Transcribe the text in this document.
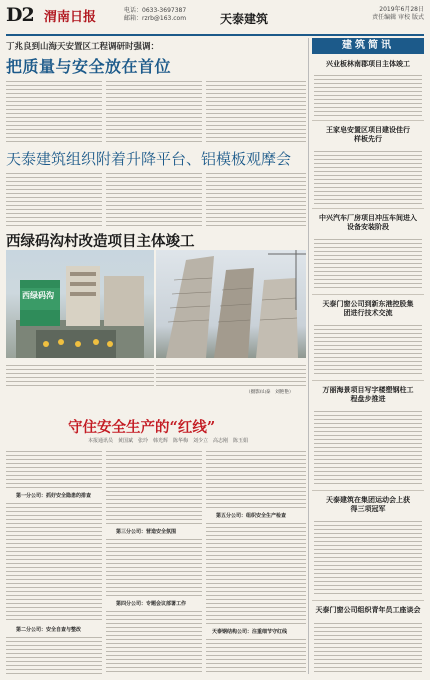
D2 渭南日报	电话：0633-3697387
邮箱：rzrb@163.com	天泰建筑
2019年6月28日
责任编辑 审校 版式
丁兆良到山海天安置区工程调研时强调：
把质量与安全放在首位
天泰建筑组织附着升降平台、铝模板观摩会
西绿码沟村改造项目主体竣工
西绿码沟
（摄影/山泰　刘艳艳）
守住安全生产的“红线”
本报通讯员　黄国斌　张玲　韩光辉　陈华梅　刘少立　高志刚　陈玉娟
第一分公司：抓好安全隐患的排查
第二分公司：安全自查与整改
第三分公司：营造安全氛围
第四分公司：专题会议部署工作
第五分公司：组织安全生产检查
天泰钢结构公司：注重细节守红线
建筑简讯
兴业板林南郡项目主体竣工
王家皂安置区项目建设佳行样板先行
中兴汽车厂房项目冲压车间进入设备安装阶段
天泰门窗公司到新东港控股集团进行技术交流
万丽海景项目写字楼塑钢柱工程盘步推进
天泰建筑在集团运动会上获得三项冠军
天泰门窗公司组织青年员工座谈会
